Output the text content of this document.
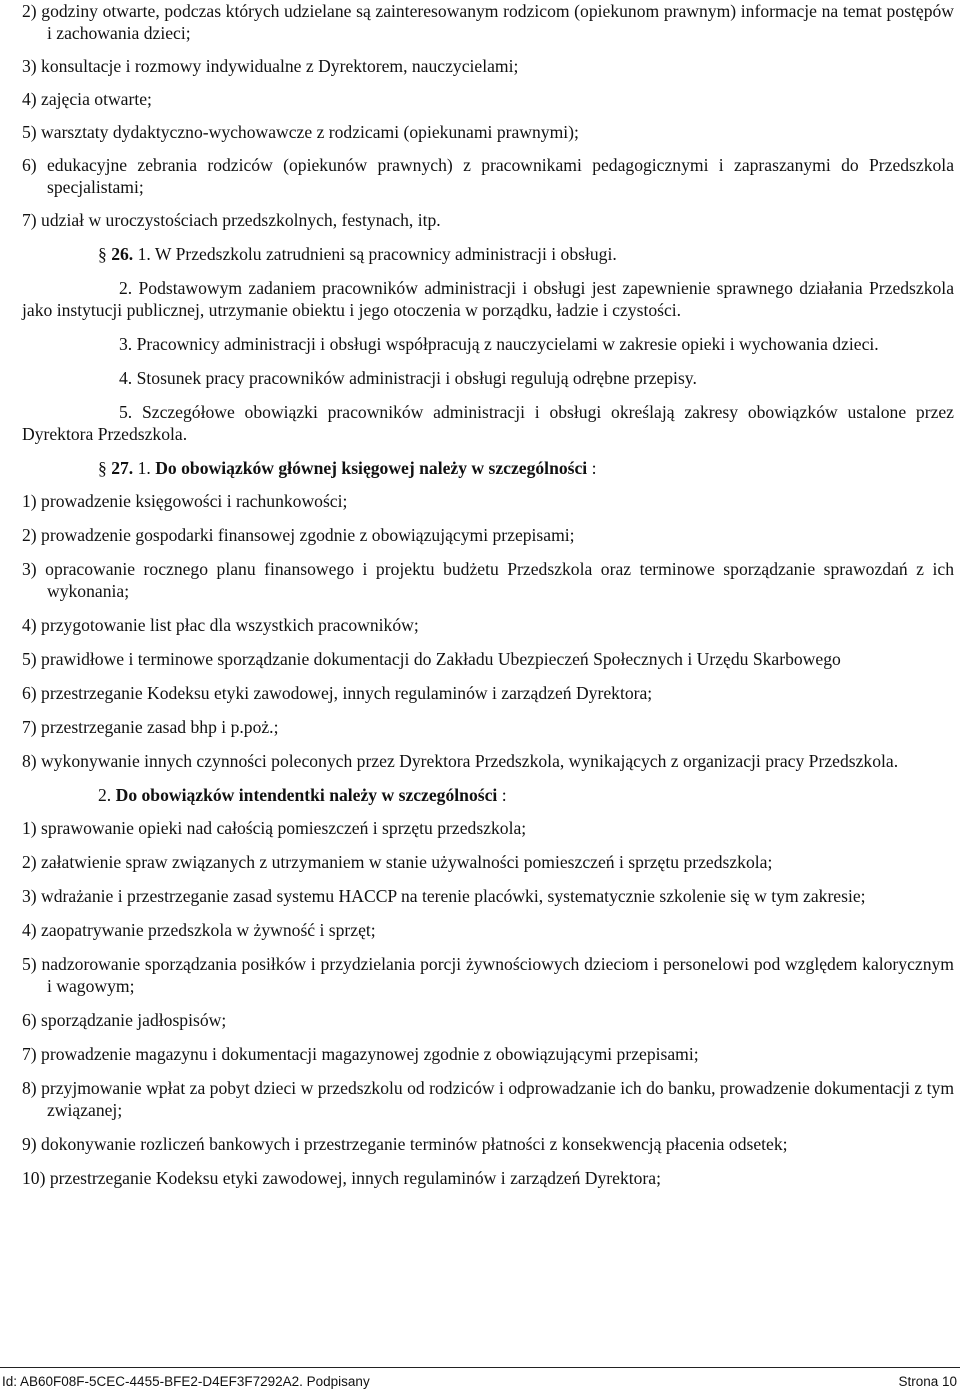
2) godziny otwarte, podczas których udzielane są zainteresowanym rodzicom (opiekunom prawnym) informacje na temat postępów i zachowania dzieci;

3) konsultacje i rozmowy indywidualne z Dyrektorem, nauczycielami;

4) zajęcia otwarte;

5) warsztaty dydaktyczno-wychowawcze z rodzicami (opiekunami prawnymi);

6) edukacyjne zebrania rodziców (opiekunów prawnych) z pracownikami pedagogicznymi i zapraszanymi do Przedszkola specjalistami;

7) udział w uroczystościach przedszkolnych, festynach, itp.

§ 26. 1. W Przedszkolu zatrudnieni są pracownicy administracji i obsługi.

2. Podstawowym zadaniem pracowników administracji i obsługi jest zapewnienie sprawnego działania Przedszkola jako instytucji publicznej, utrzymanie obiektu i jego otoczenia w porządku, ładzie i czystości.

3. Pracownicy administracji i obsługi współpracują z nauczycielami w zakresie opieki i wychowania dzieci.

4. Stosunek pracy pracowników administracji i obsługi regulują odrębne przepisy.

5. Szczegółowe obowiązki pracowników administracji i obsługi określają zakresy obowiązków ustalone przez Dyrektora Przedszkola.

§ 27. 1. Do obowiązków głównej księgowej należy w szczególności :

1) prowadzenie księgowości i rachunkowości;

2) prowadzenie gospodarki finansowej zgodnie z obowiązującymi przepisami;

3) opracowanie rocznego planu finansowego i projektu budżetu Przedszkola oraz terminowe sporządzanie sprawozdań z ich wykonania;

4) przygotowanie list płac dla wszystkich pracowników;

5) prawidłowe i terminowe sporządzanie dokumentacji do Zakładu Ubezpieczeń Społecznych i Urzędu Skarbowego

6) przestrzeganie Kodeksu etyki zawodowej, innych regulaminów i zarządzeń Dyrektora;

7) przestrzeganie zasad bhp i p.poż.;

8) wykonywanie innych czynności poleconych przez Dyrektora Przedszkola, wynikających z organizacji pracy Przedszkola.

2. Do obowiązków intendentki należy w szczególności :

1) sprawowanie opieki nad całością pomieszczeń i sprzętu przedszkola;

2) załatwienie spraw związanych z utrzymaniem w stanie używalności pomieszczeń i sprzętu przedszkola;

3) wdrażanie i przestrzeganie zasad systemu HACCP na terenie placówki, systematycznie szkolenie się w tym zakresie;

4) zaopatrywanie przedszkola w żywność i sprzęt;

5) nadzorowanie sporządzania posiłków i przydzielania porcji żywnościowych dzieciom i personelowi pod względem kalorycznym i wagowym;

6) sporządzanie jadłospisów;

7) prowadzenie magazynu i dokumentacji magazynowej zgodnie z obowiązującymi przepisami;

8) przyjmowanie wpłat za pobyt dzieci w przedszkolu od rodziców i odprowadzanie ich do banku, prowadzenie dokumentacji z tym związanej;

9) dokonywanie rozliczeń bankowych i przestrzeganie terminów płatności z konsekwencją płacenia odsetek;

10) przestrzeganie Kodeksu etyki zawodowej, innych regulaminów i zarządzeń Dyrektora;

Id: AB60F08F-5CEC-4455-BFE2-D4EF3F7292A2. Podpisany	Strona 10
